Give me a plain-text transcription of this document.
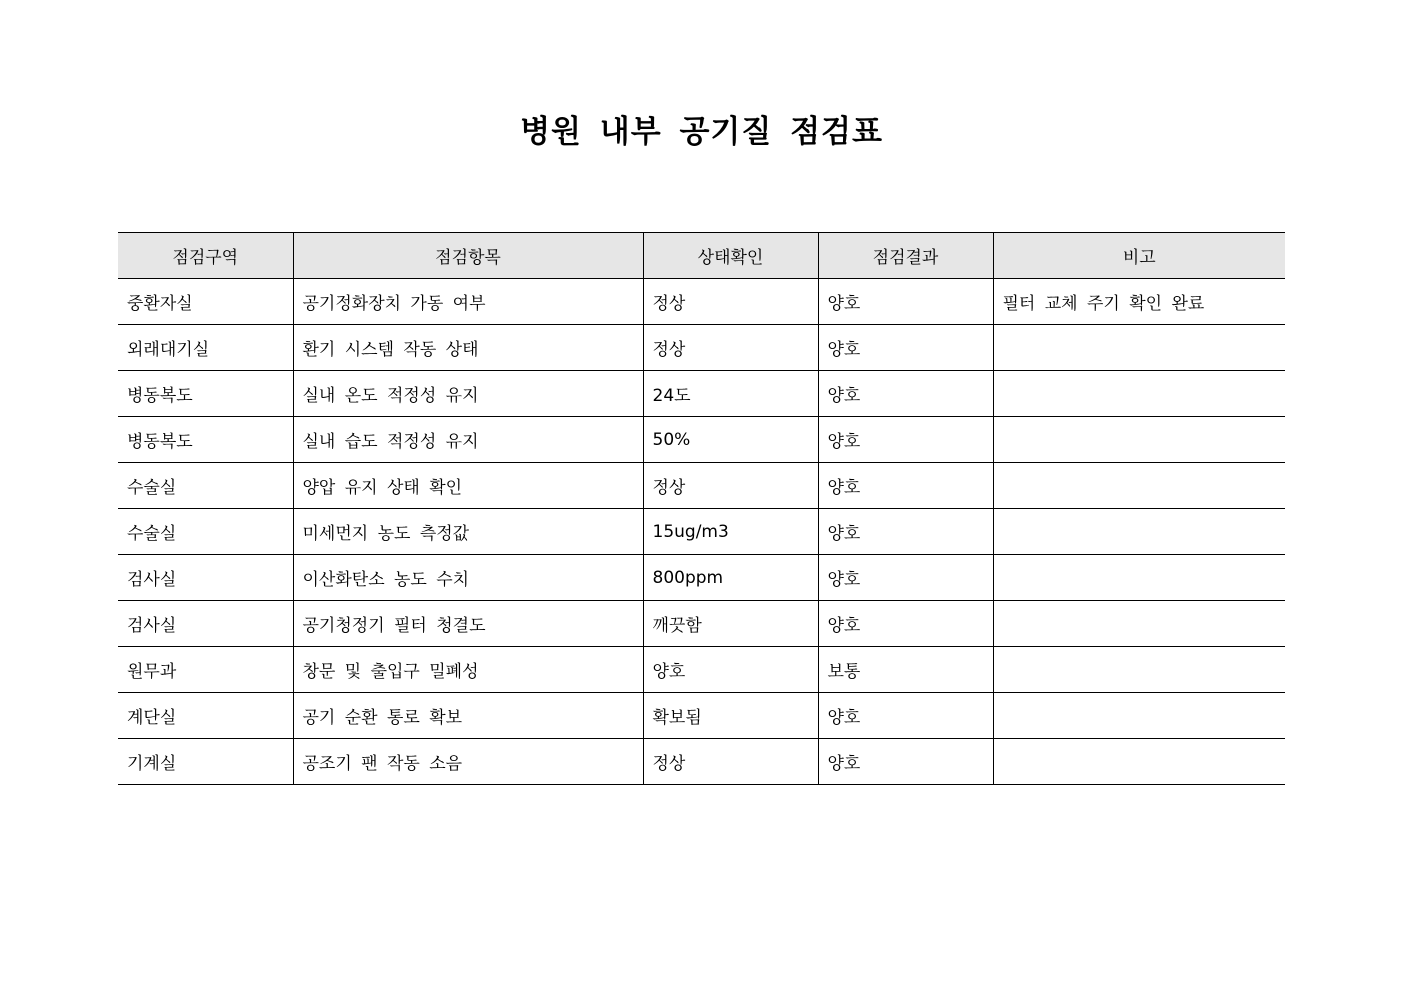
병원 내부 공기질 점검표
점검구역	점검항목	상태확인	점검결과	비고
중환자실	공기정화장치 가동 여부	정상	양호	필터 교체 주기 확인 완료
외래대기실	환기 시스템 작동 상태	정상	양호	
병동복도	실내 온도 적정성 유지	24도	양호	
병동복도	실내 습도 적정성 유지	50%	양호	
수술실	양압 유지 상태 확인	정상	양호	
수술실	미세먼지 농도 측정값	15ug/m3	양호	
검사실	이산화탄소 농도 수치	800ppm	양호	
검사실	공기청정기 필터 청결도	깨끗함	양호	
원무과	창문 및 출입구 밀폐성	양호	보통	
계단실	공기 순환 통로 확보	확보됨	양호	
기계실	공조기 팬 작동 소음	정상	양호	
